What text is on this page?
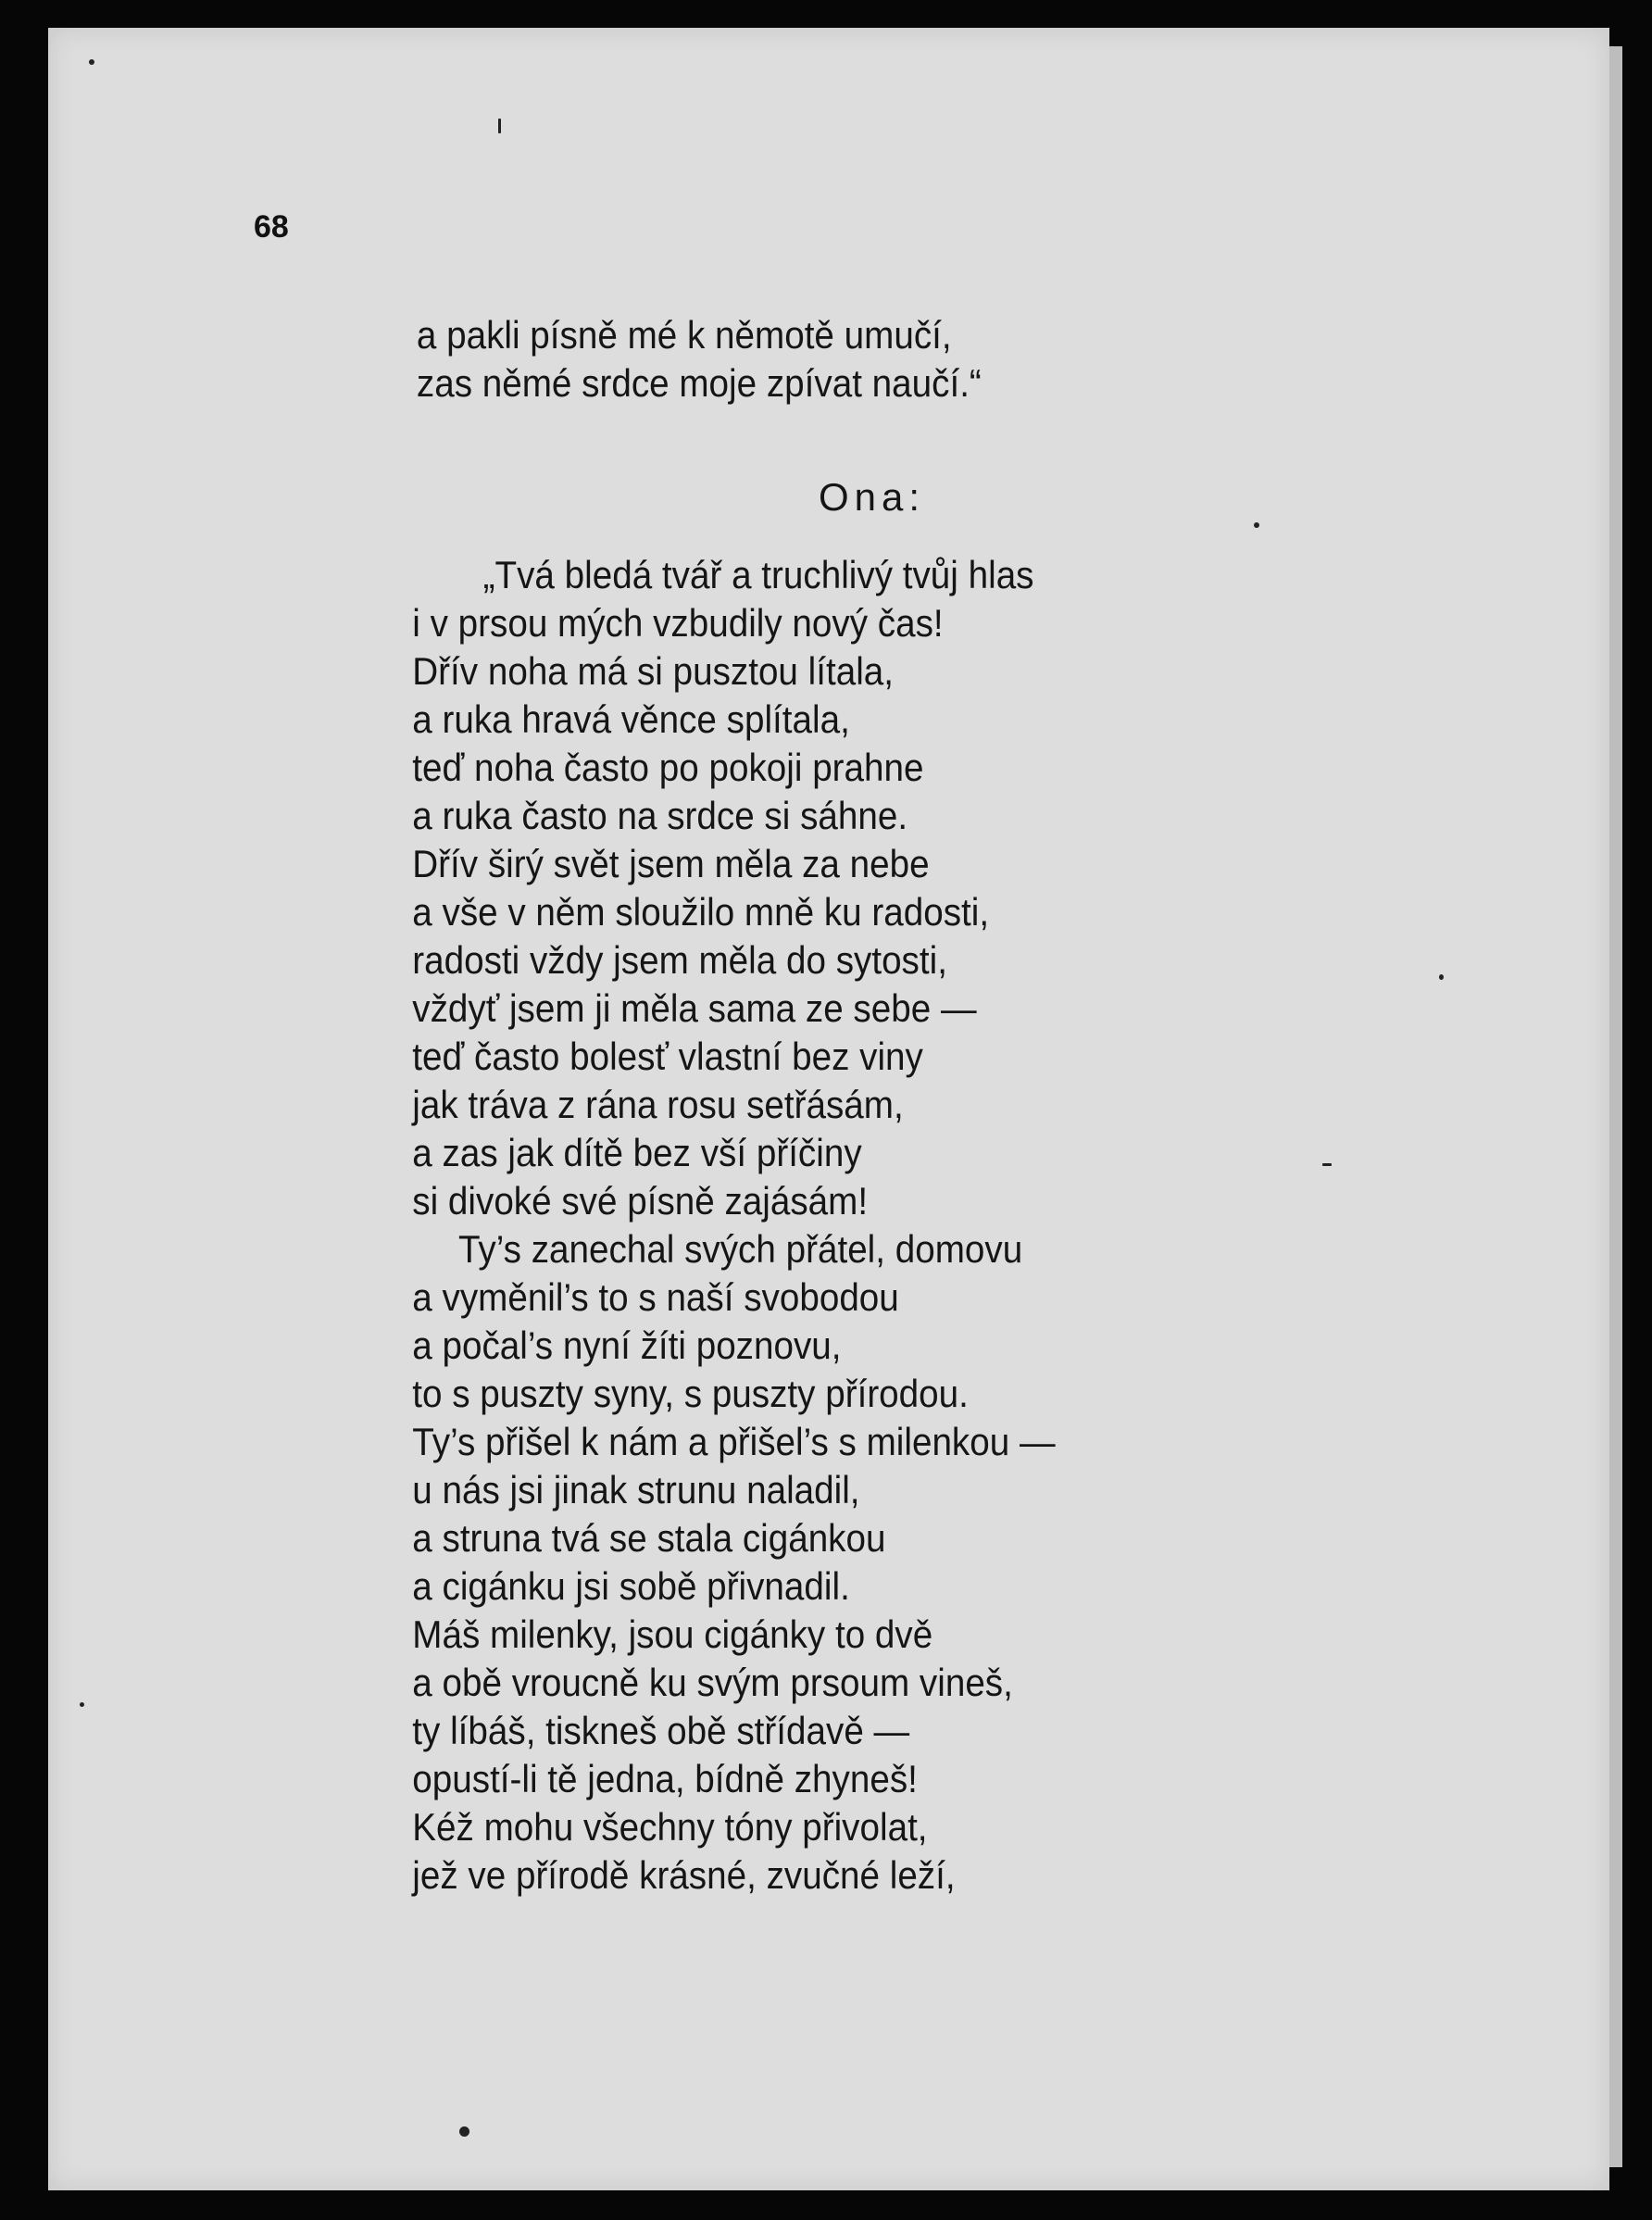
68
a pakli písně mé k němotě umučí,
zas němé srdce moje zpívat naučí.“
„Tvá bledá tvář a truchlivý tvůj hlas
i v prsou mých vzbudily nový čas!
Dřív noha má si pusztou lítala,
a ruka hravá věnce splítala,
teď noha často po pokoji prahne
a ruka často na srdce si sáhne.
Dřív širý svět jsem měla za nebe
a vše v něm sloužilo mně ku radosti,
radosti vždy jsem měla do sytosti,
vždyť jsem ji měla sama ze sebe —
teď často bolesť vlastní bez viny
jak tráva z rána rosu setřásám,
a zas jak dítě bez vší příčiny
si divoké své písně zajásám!
Ty’s zanechal svých přátel, domovu
a vyměnil’s to s naší svobodou
a počal’s nyní žíti poznovu,
to s puszty syny, s puszty přírodou.
Ty’s přišel k nám a přišel’s s milenkou —
u nás jsi jinak strunu naladil,
a struna tvá se stala cigánkou
a cigánku jsi sobě přivnadil.
Máš milenky, jsou cigánky to dvě
a obě vroucně ku svým prsoum vineš,
ty líbáš, tiskneš obě střídavě —
opustí-li tě jedna, bídně zhyneš!
Kéž mohu všechny tóny přivolat,
jež ve přírodě krásné, zvučné leží,
Ona:
